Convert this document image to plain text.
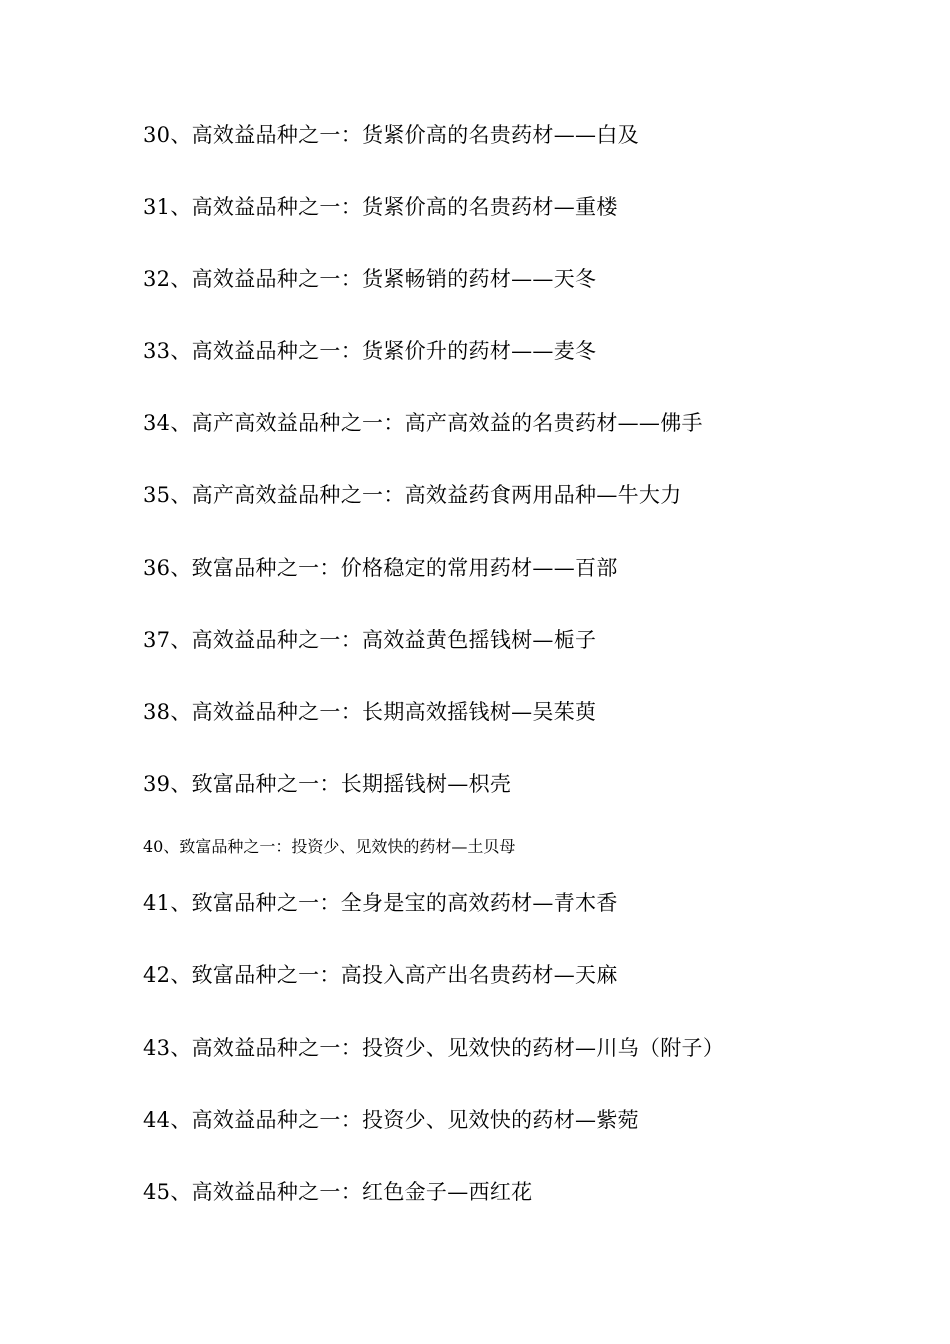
30、高效益品种之一：货紧价高的名贵药材——白及

31、高效益品种之一：货紧价高的名贵药材—重楼

32、高效益品种之一：货紧畅销的药材——天冬

33、高效益品种之一：货紧价升的药材——麦冬

34、高产高效益品种之一：高产高效益的名贵药材——佛手

35、高产高效益品种之一：高效益药食两用品种—牛大力

36、致富品种之一：价格稳定的常用药材——百部

37、高效益品种之一：高效益黄色摇钱树—栀子

38、高效益品种之一：长期高效摇钱树—吴茱萸

39、致富品种之一：长期摇钱树—枳壳

40、致富品种之一：投资少、见效快的药材—土贝母

41、致富品种之一：全身是宝的高效药材—青木香

42、致富品种之一：高投入高产出名贵药材—天麻

43、高效益品种之一：投资少、见效快的药材—川乌（附子）

44、高效益品种之一：投资少、见效快的药材—紫菀

45、高效益品种之一：红色金子—西红花
